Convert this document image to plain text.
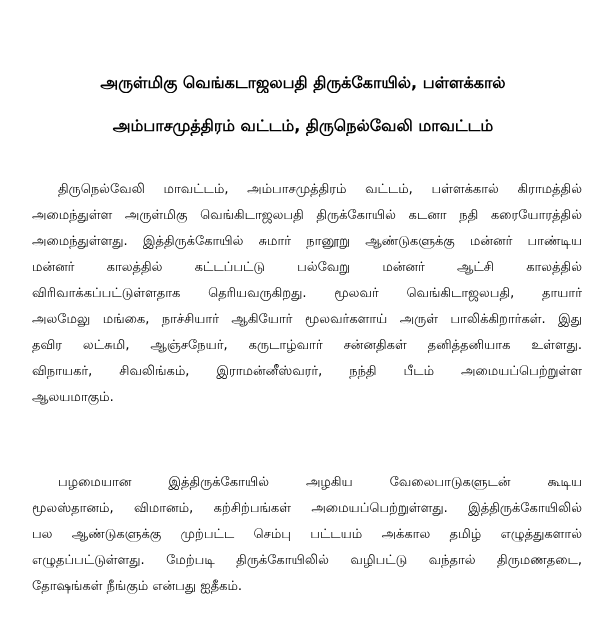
அருள்மிகு வெங்கடாஜலபதி திருக்கோயில், பள்ளக்கால்
அம்பாசமுத்திரம் வட்டம், திருநெல்வேலி மாவட்டம்
திருநெல்வேலி மாவட்டம், அம்பாசமுத்திரம் வட்டம், பள்ளக்கால் கிராமத்தில்
அமைந்துள்ள அருள்மிகு வெங்கிடாஜலபதி திருக்கோயில் கடனா நதி கரையோரத்தில்
அமைந்துள்ளது. இத்திருக்கோயில் சுமார் நானூறு ஆண்டுகளுக்கு மன்னர் பாண்டிய
மன்னர் காலத்தில் கட்டப்பட்டு பல்வேறு மன்னர் ஆட்சி காலத்தில்
விரிவாக்கப்பட்டுள்ளதாக தெரியவருகிறது. மூலவர் வெங்கிடாஜலபதி, தாயார்
அலமேலு மங்கை, நாச்சியார் ஆகியோர் மூலவர்களாய் அருள் பாலிக்கிறார்கள். இது
தவிர லட்சுமி, ஆஞ்சநேயர், கருடாழ்வார் சன்னதிகள் தனித்தனியாக உள்ளது.
விநாயகர், சிவலிங்கம், இராமன்னீஸ்வரர், நந்தி பீடம் அமையப்பெற்றுள்ள
ஆலயமாகும்.
பழமையான இத்திருக்கோயில் அழகிய வேலைபாடுகளுடன் கூடிய
மூலஸ்தானம், விமானம், கற்சிற்பங்கள் அமையப்பெற்றுள்ளது. இத்திருக்கோயிலில்
பல ஆண்டுகளுக்கு முற்பட்ட செம்பு பட்டயம் அக்கால தமிழ் எழுத்துகளால்
எழுதப்பட்டுள்ளது. மேற்படி திருக்கோயிலில் வழிபட்டு வந்தால் திருமணதடை,
தோஷங்கள் நீங்கும் என்பது ஐதீகம்.
